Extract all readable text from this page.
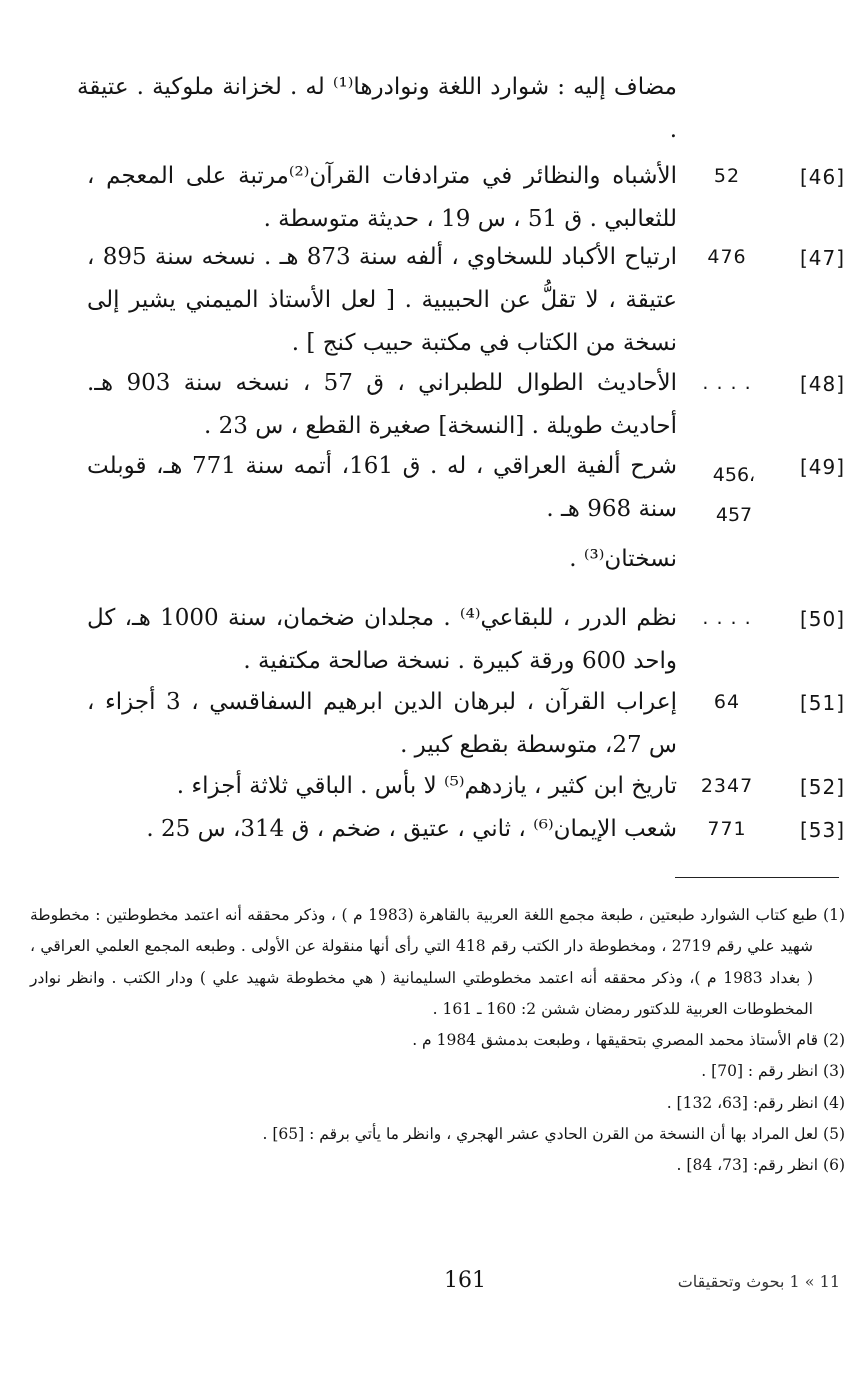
مضاف إليه : شوارد اللغة ونوادرها⁽¹⁾ له . لخزانة ملوكية . عتيقة .
[46]
52
الأشباه والنظائر في مترادفات القرآن⁽²⁾مرتبة على المعجم ، للثعالبي . ق 51 ، س 19 ، حديثة متوسطة .
[47]
476
ارتياح الأكباد للسخاوي ، ألفه سنة 873 هـ . نسخه سنة 895 ، عتيقة ، لا تقلُّ عن الحبيبية . [ لعل الأستاذ الميمني يشير إلى نسخة من الكتاب في مكتبة حبيب كنج ] .
[48]
. . . .
الأحاديث الطوال للطبراني ، ق 57 ، نسخه سنة 903 هـ. أحاديث طويلة . [النسخة] صغيرة القطع ، س 23 .
[49]
456، 457
شرح ألفية العراقي ، له . ق 161، أتمه سنة 771 هـ، قوبلت سنة 968 هـ .
نسختان⁽³⁾ .
[50]
. . . .
نظم الدرر ، للبقاعي⁽⁴⁾ . مجلدان ضخمان، سنة 1000 هـ، كل واحد 600 ورقة كبيرة . نسخة صالحة مكتفية .
[51]
64
إعراب القرآن ، لبرهان الدين ابرهيم السفاقسي ، 3 أجزاء ، س 27، متوسطة بقطع كبير .
[52]
2347
تاريخ ابن كثير ، يازدهم⁽⁵⁾ لا بأس . الباقي ثلاثة أجزاء .
[53]
771
شعب الإيمان⁽⁶⁾ ، ثاني ، عتيق ، ضخم ، ق 314، س 25 .
(1) طبع كتاب الشوارد طبعتين ، طبعة مجمع اللغة العربية بالقاهرة (1983 م ) ، وذكر محققه أنه اعتمد مخطوطتين : مخطوطة شهيد علي رقم 2719 ، ومخطوطة دار الكتب رقم 418 التي رأى أنها منقولة عن الأولى . وطبعه المجمع العلمي العراقي ، ( بغداد 1983 م )، وذكر محققه أنه اعتمد مخطوطتي السليمانية ( هي مخطوطة شهيد علي ) ودار الكتب . وانظر نوادر المخطوطات العربية للدكتور رمضان ششن 2: 160 ـ 161 .
(2) قام الأستاذ محمد المصري بتحقيقها ، وطبعت بدمشق 1984 م .
(3) انظر رقم : [70] .
(4) انظر رقم: [63، 132] .
(5) لعل المراد بها أن النسخة من القرن الحادي عشر الهجري ، وانظر ما يأتي برقم : [65] .
(6) انظر رقم: [73، 84] .
161	11 » 1 بحوث وتحقيقات
